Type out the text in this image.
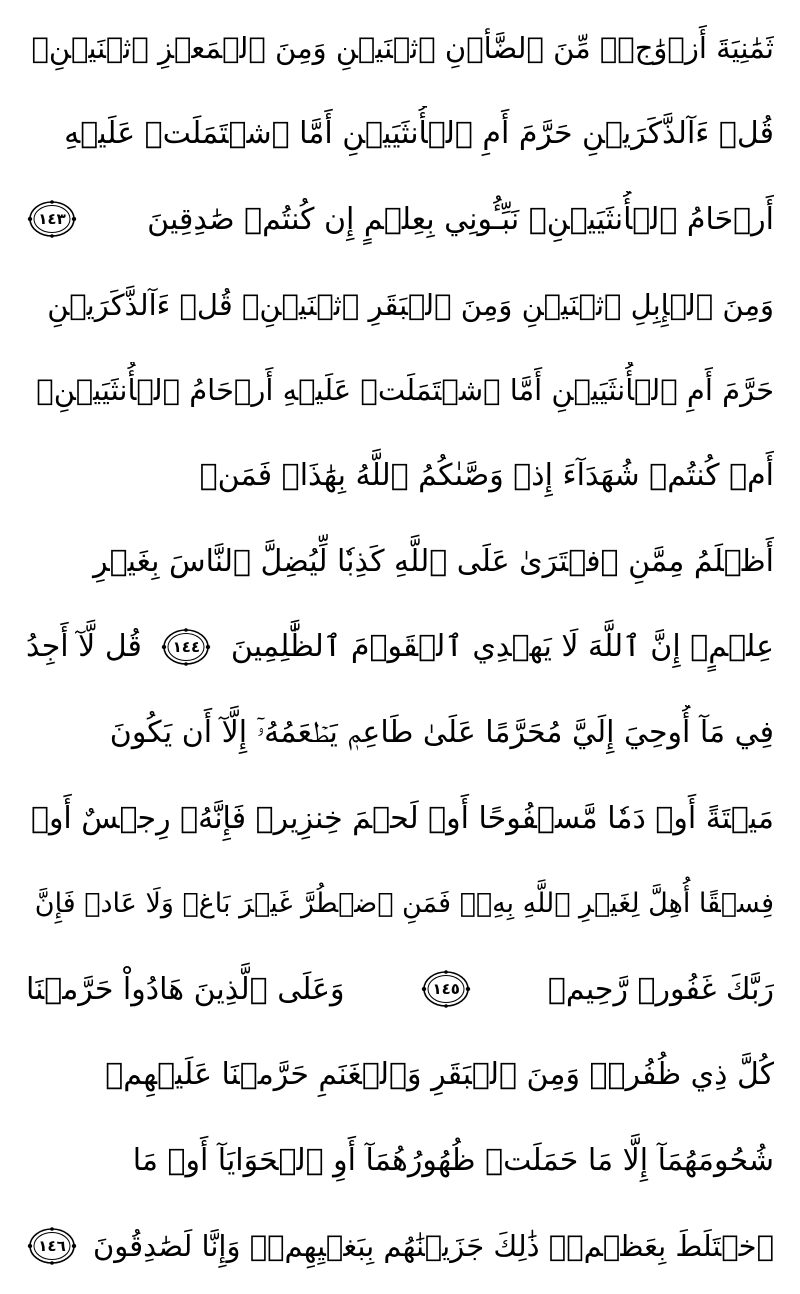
ثَمَٰنِيَةَ أَزۡوَٰجٖۖ مِّنَ ٱلضَّأۡنِ ٱثۡنَيۡنِ وَمِنَ ٱلۡمَعۡزِ ٱثۡنَيۡنِۗ
قُلۡ ءَآلذَّكَرَيۡنِ حَرَّمَ أَمِ ٱلۡأُنثَيَيۡنِ أَمَّا ٱشۡتَمَلَتۡ عَلَيۡهِ
أَرۡحَامُ ٱلۡأُنثَيَيۡنِۖ نَبِّـُٔونِي بِعِلۡمٍ إِن كُنتُمۡ صَٰدِقِينَ
١٤٣
وَمِنَ ٱلۡإِبِلِ ٱثۡنَيۡنِ وَمِنَ ٱلۡبَقَرِ ٱثۡنَيۡنِۗ قُلۡ ءَآلذَّكَرَيۡنِ
حَرَّمَ أَمِ ٱلۡأُنثَيَيۡنِ أَمَّا ٱشۡتَمَلَتۡ عَلَيۡهِ أَرۡحَامُ ٱلۡأُنثَيَيۡنِۖ
أَمۡ كُنتُمۡ شُهَدَآءَ إِذۡ وَصَّىٰكُمُ ٱللَّهُ بِهَٰذَاۚ فَمَنۡ
أَظۡلَمُ مِمَّنِ ٱفۡتَرَىٰ عَلَى ٱللَّهِ كَذِبٗا لِّيُضِلَّ ٱلنَّاسَ بِغَيۡرِ
عِلۡمٍۚ إِنَّ ٱللَّهَ لَا يَهۡدِي ٱلۡقَوۡمَ ٱلظَّٰلِمِينَ
١٤٤
قُل لَّآ أَجِدُ
فِي مَآ أُوحِيَ إِلَيَّ مُحَرَّمًا عَلَىٰ طَاعِمٖ يَطۡعَمُهُۥٓ إِلَّآ أَن يَكُونَ
مَيۡتَةً أَوۡ دَمٗا مَّسۡفُوحًا أَوۡ لَحۡمَ خِنزِيرٖ فَإِنَّهُۥ رِجۡسٌ أَوۡ
فِسۡقًا أُهِلَّ لِغَيۡرِ ٱللَّهِ بِهِۦۚ فَمَنِ ٱضۡطُرَّ غَيۡرَ بَاغٖ وَلَا عَادٖ فَإِنَّ
رَبَّكَ غَفُورٞ رَّحِيمٞ
١٤٥
وَعَلَى ٱلَّذِينَ هَادُواْ حَرَّمۡنَا
كُلَّ ذِي ظُفُرٖۖ وَمِنَ ٱلۡبَقَرِ وَٱلۡغَنَمِ حَرَّمۡنَا عَلَيۡهِمۡ
شُحُومَهُمَآ إِلَّا مَا حَمَلَتۡ ظُهُورُهُمَآ أَوِ ٱلۡحَوَايَآ أَوۡ مَا
ٱخۡتَلَطَ بِعَظۡمٖۚ ذَٰلِكَ جَزَيۡنَٰهُم بِبَغۡيِهِمۡۖ وَإِنَّا لَصَٰدِقُونَ
١٤٦
